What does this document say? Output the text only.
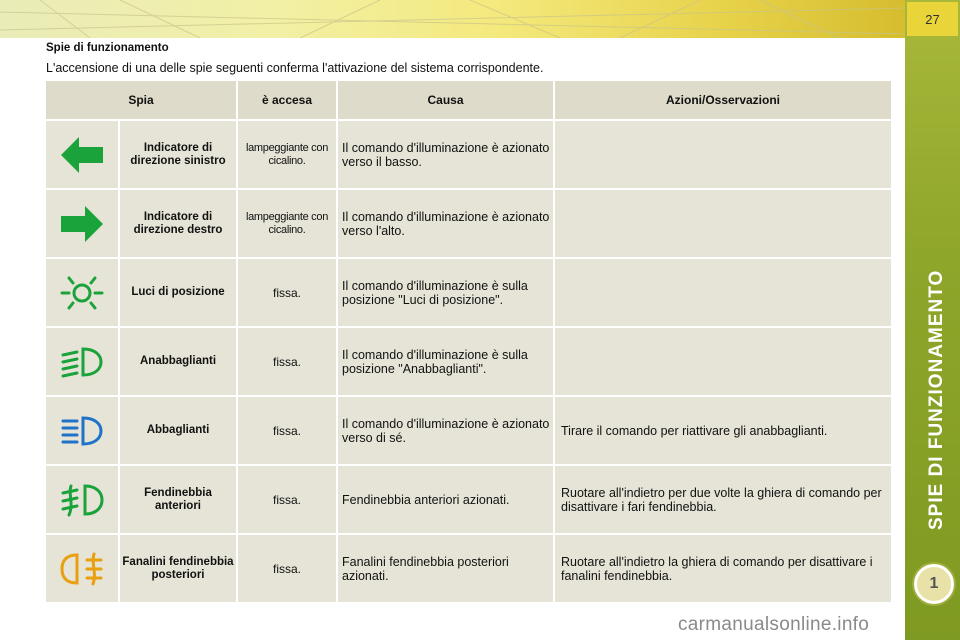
27
SPIE DI FUNZIONAMENTO
1
Spie di funzionamento
L'accensione di una delle spie seguenti conferma l'attivazione del sistema corrispondente.
Spia		è accesa	Causa	Azioni/Osservazioni

	Indicatore di direzione sinistro	lampeggiante con cicalino.	Il comando d'illuminazione è azionato verso il basso.	

	Indicatore di direzione destro	lampeggiante con cicalino.	Il comando d'illuminazione è azionato verso l'alto.	

	Luci di posizione	fissa.	Il comando d'illuminazione è sulla posizione "Luci di posizione".	

	Anabbaglianti	fissa.	Il comando d'illuminazione è sulla posizione "Anabbaglianti".	

	Abbaglianti	fissa.	Il comando d'illuminazione è azionato verso di sé.	Tirare il comando per riattivare gli anabbaglianti.

	Fendinebbia anteriori	fissa.	Fendinebbia anteriori azionati.	Ruotare all'indietro per due volte la ghiera di comando per disattivare i fari fendinebbia.

	Fanalini fendinebbia posteriori	fissa.	Fanalini fendinebbia posteriori azionati.	Ruotare all'indietro la ghiera di comando per disattivare i fanalini fendinebbia.
carmanualsonline.info
